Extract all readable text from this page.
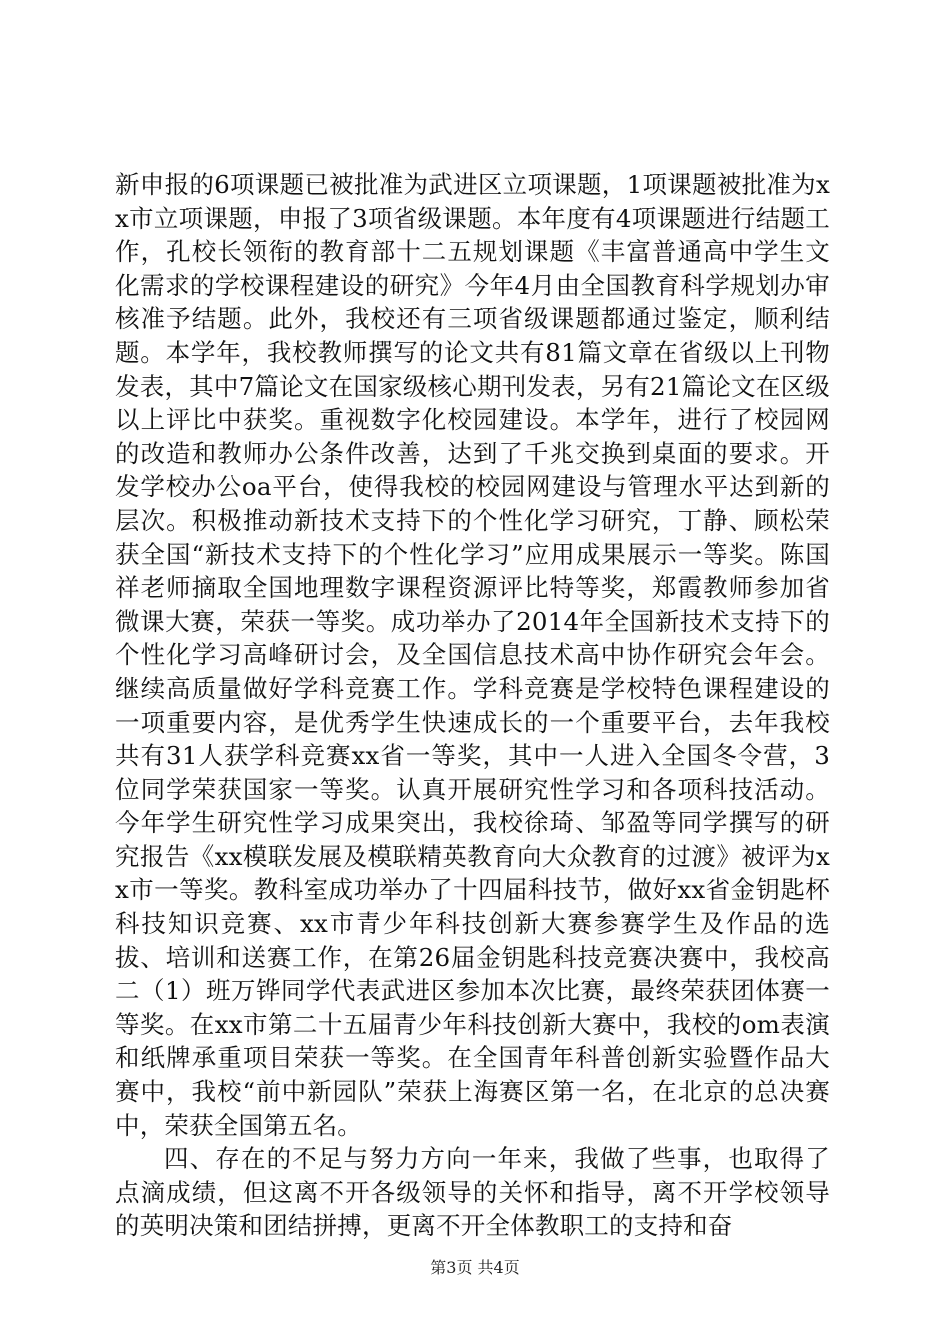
新申报的6项课题已被批准为武进区立项课题，1项课题被批准为xx市立项课题，申报了3项省级课题。本年度有4项课题进行结题工作，孔校长领衔的教育部十二五规划课题《丰富普通高中学生文化需求的学校课程建设的研究》今年4月由全国教育科学规划办审核准予结题。此外，我校还有三项省级课题都通过鉴定，顺利结题。本学年，我校教师撰写的论文共有81篇文章在省级以上刊物发表，其中7篇论文在国家级核心期刊发表，另有21篇论文在区级以上评比中获奖。重视数字化校园建设。本学年，进行了校园网的改造和教师办公条件改善，达到了千兆交换到桌面的要求。开发学校办公oa平台，使得我校的校园网建设与管理水平达到新的层次。积极推动新技术支持下的个性化学习研究，丁静、顾松荣获全国“新技术支持下的个性化学习”应用成果展示一等奖。陈国祥老师摘取全国地理数字课程资源评比特等奖，郑霞教师参加省微课大赛，荣获一等奖。成功举办了2014年全国新技术支持下的个性化学习高峰研讨会，及全国信息技术高中协作研究会年会。继续高质量做好学科竞赛工作。学科竞赛是学校特色课程建设的一项重要内容，是优秀学生快速成长的一个重要平台，去年我校共有31人获学科竞赛xx省一等奖，其中一人进入全国冬令营，3位同学荣获国家一等奖。认真开展研究性学习和各项科技活动。今年学生研究性学习成果突出，我校徐琦、邹盈等同学撰写的研究报告《xx模联发展及模联精英教育向大众教育的过渡》被评为xx市一等奖。教科室成功举办了十四届科技节，做好xx省金钥匙杯科技知识竞赛、xx市青少年科技创新大赛参赛学生及作品的选拔、培训和送赛工作，在第26届金钥匙科技竞赛决赛中，我校高二（1）班万铧同学代表武进区参加本次比赛，最终荣获团体赛一等奖。在xx市第二十五届青少年科技创新大赛中，我校的om表演和纸牌承重项目荣获一等奖。在全国青年科普创新实验暨作品大赛中，我校“前中新园队”荣获上海赛区第一名，在北京的总决赛中，荣获全国第五名。

四、存在的不足与努力方向一年来，我做了些事，也取得了点滴成绩，但这离不开各级领导的关怀和指导，离不开学校领导的英明决策和团结拼搏，更离不开全体教职工的支持和奋

第3页 共4页
